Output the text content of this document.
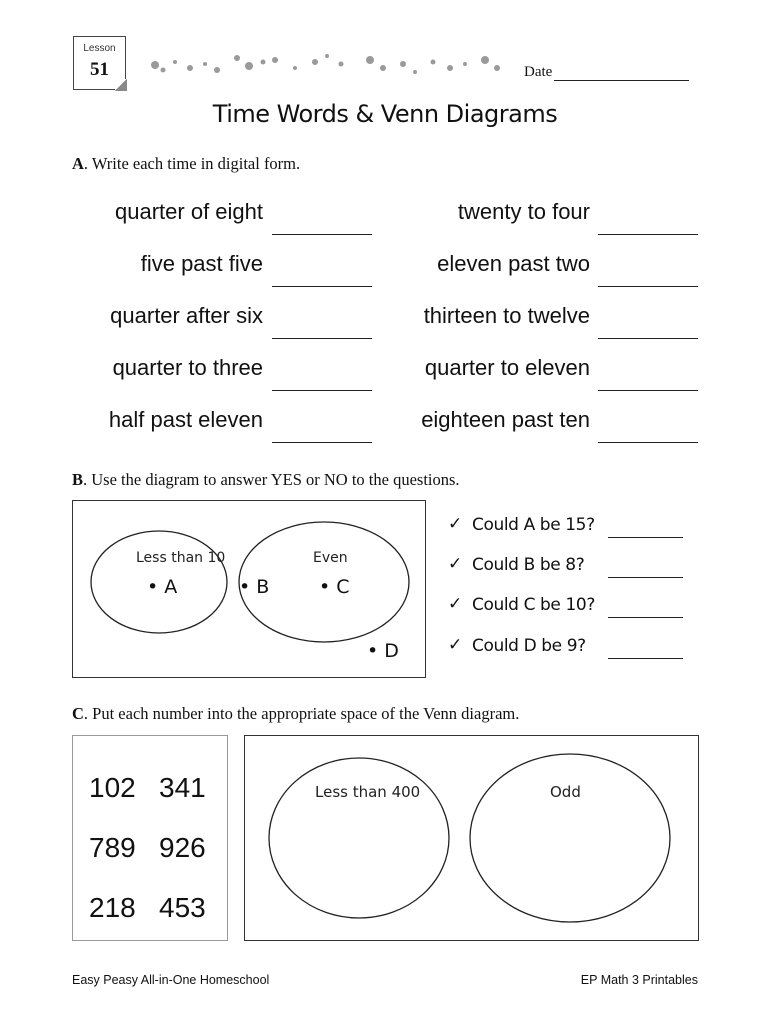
Lesson
51	Date
Time Words & Venn Diagrams
A. Write each time in digital form.
quarter of eight	twenty to four
five past five	eleven past two
quarter after six	thirteen to twelve
quarter to three	quarter to eleven
half past eleven	eighteen past ten
B. Use the diagram to answer YES or NO to the questions.
Less than 10	Even
• A	• B	• C
• D
✓ Could A be 15?
✓ Could B be 8?
✓ Could C be 10?
✓ Could D be 9?
C. Put each number into the appropriate space of the Venn diagram.
102 341
789 926
218 453
Less than 400	Odd
Easy Peasy All-in-One Homeschool	EP Math 3 Printables
